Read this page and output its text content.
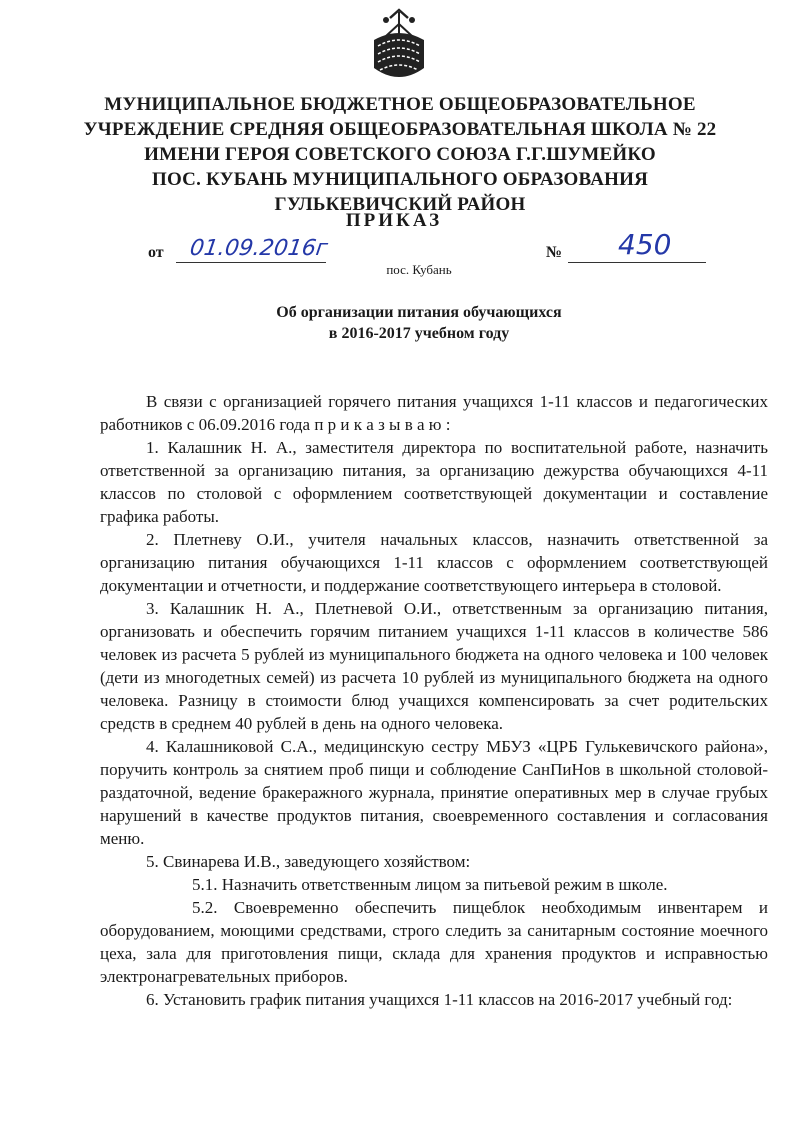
МУНИЦИПАЛЬНОЕ БЮДЖЕТНОЕ ОБЩЕОБРАЗОВАТЕЛЬНОЕ
УЧРЕЖДЕНИЕ СРЕДНЯЯ ОБЩЕОБРАЗОВАТЕЛЬНАЯ ШКОЛА № 22
ИМЕНИ ГЕРОЯ СОВЕТСКОГО СОЮЗА Г.Г.ШУМЕЙКО
ПОС. КУБАНЬ МУНИЦИПАЛЬНОГО ОБРАЗОВАНИЯ
ГУЛЬКЕВИЧСКИЙ РАЙОН
ПРИКАЗ
от 01.09.2016г	№ 450
пос. Кубань
Об организации питания обучающихся
в 2016-2017 учебном году

В связи с организацией горячего питания учащихся 1-11 классов и педагогических работников с 06.09.2016 года п р и к а з ы в а ю :

1. Калашник Н. А., заместителя директора по воспитательной работе, назначить ответственной за организацию питания, за организацию дежурства обучающихся 4-11 классов по столовой с оформлением соответствующей документации и составление графика работы.

2. Плетневу О.И., учителя начальных классов, назначить ответственной за организацию питания обучающихся 1-11 классов с оформлением соответствующей документации и отчетности, и поддержание соответствующего интерьера в столовой.

3. Калашник Н. А., Плетневой О.И., ответственным за организацию питания, организовать и обеспечить горячим питанием учащихся 1-11 классов в количестве 586 человек из расчета 5 рублей из муниципального бюджета на одного человека и 100 человек (дети из многодетных семей) из расчета 10 рублей из муниципального бюджета на одного человека. Разницу в стоимости блюд учащихся компенсировать за счет родительских средств в среднем 40 рублей в день на одного человека.

4. Калашниковой С.А., медицинскую сестру МБУЗ «ЦРБ Гулькевичского района», поручить контроль за снятием проб пищи и соблюдение СанПиНов в школьной столовой-раздаточной, ведение бракеражного журнала, принятие оперативных мер в случае грубых нарушений в качестве продуктов питания, своевременного составления и согласования меню.

5. Свинарева И.В., заведующего хозяйством:

5.1. Назначить ответственным лицом за питьевой режим в школе.

5.2. Своевременно обеспечить пищеблок необходимым инвентарем и оборудованием, моющими средствами, строго следить за санитарным состояние моечного цеха, зала для приготовления пищи, склада для хранения продуктов и исправностью электронагревательных приборов.

6. Установить график питания учащихся 1-11 классов на 2016-2017 учебный год:
